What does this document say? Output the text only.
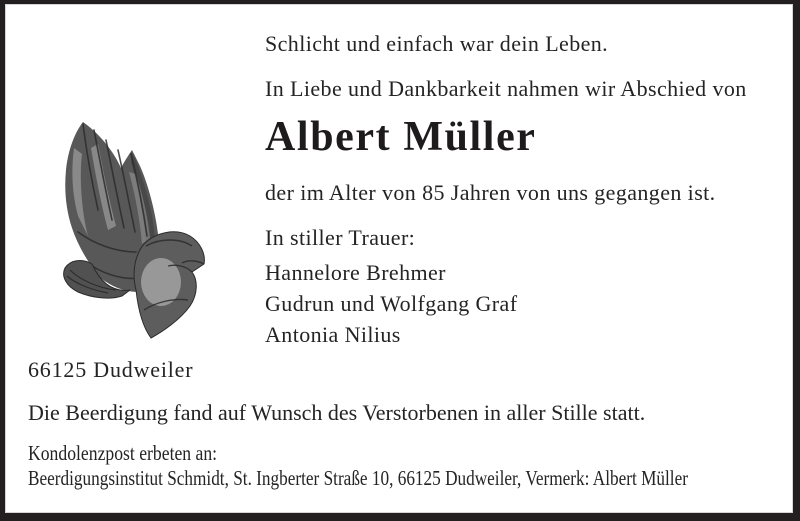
Schlicht und einfach war dein Leben.
In Liebe und Dankbarkeit nahmen wir Abschied von
Albert Müller
der im Alter von 85 Jahren von uns gegangen ist.
In stiller Trauer:
Hannelore Brehmer
Gudrun und Wolfgang Graf
Antonia Nilius
66125 Dudweiler
Die Beerdigung fand auf Wunsch des Verstorbenen in aller Stille statt.
Kondolenzpost erbeten an:
Beerdigungsinstitut Schmidt, St. Ingberter Straße 10, 66125 Dudweiler, Vermerk: Albert Müller
